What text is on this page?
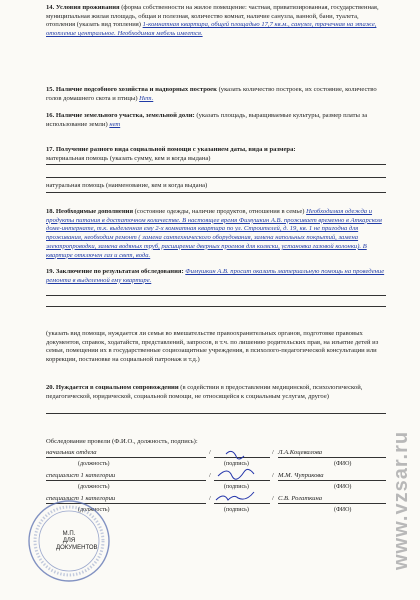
14. Условия проживания (форма собственности на жилое помещение: частная, приватизированная, государственная, муниципальная жилая площадь, общая и полезная, количество комнат, наличие санузла, ванной, бани, туалета, отопления (указать вид топления) 1-комнатная квартира, общей площадью 17,7 кв.м., санузел, трачечная на этаже, отопление центральное. Необходимая мебель имеется.
15. Наличие подсобного хозяйства и надворных построек (указать количество построек, их состояние, количество голов домашнего скота и птицы) Нет.
16. Наличие земельного участка, земельной доли: (указать площадь, выращиваемые культуры, размер платы за использование земли) нет
17. Получение разного вида социальной помощи с указанием даты, вида и размера:
материальная помощь (указать сумму, кем и когда выдана)
натуральная помощь (наименование, кем и когда выдана)
18. Необходимые дополнения (состояние одежды, наличие продуктов, отношения в семье) Необходимая одежда и продукты питания в достаточном количестве. В настоящее время Фимушкин А.В. проживает временно в Аткарском доме-интернате, т.к. выделенная ему 2-х комнатная квартира по ул. Строителей, д. 19, кв. 1 не пригодна для проживания, необходим ремонт ( замена сантехнического оборудования, замена напольных покрытий, замена электропроводки, замена водяных труб, расширение дверных проемов для коляски, установка газовой колонки). В квартире отключен газ и свет, вода.
19. Заключение по результатам обследования: Фимушкин А.В. просит оказать материальную помощь на проведение ремонта в выделенной ему квартире.
(указать вид помощи, нуждается ли семья во вмешательстве правоохранительных органов, подготовке правовых документов, справок, ходатайств, представлений, запросов, в т.ч. по лишению родительских прав, на изъятие детей из семьи, помещении их в государственные социозащитные учреждения, в психолого-педагогической консультации или коррекции, постановке на социальной патронаж и т.д.)
20. Нуждается в социальном сопровождении (в содействии в предоставлении медицинской, психологической, педагогической, юридической, социальной помощи, не относящейся к социальным услугам, другое)
Обследование провели (Ф.И.О., должность, подпись):
начальник отдела	/	/ Л.А.Коцевалова
(должность)	(подпись)	(ФИО)
специалист 1 категории	/	/ М.М. Чуприкова
(должность)	(подпись)	(ФИО)
специалист 1 категории	/	/ С.В. Рогаткина
(должность)	(подпись)	(ФИО)
М.П.
ДЛЯ
ДОКУМЕНТОВ	www.vzsar.ru
